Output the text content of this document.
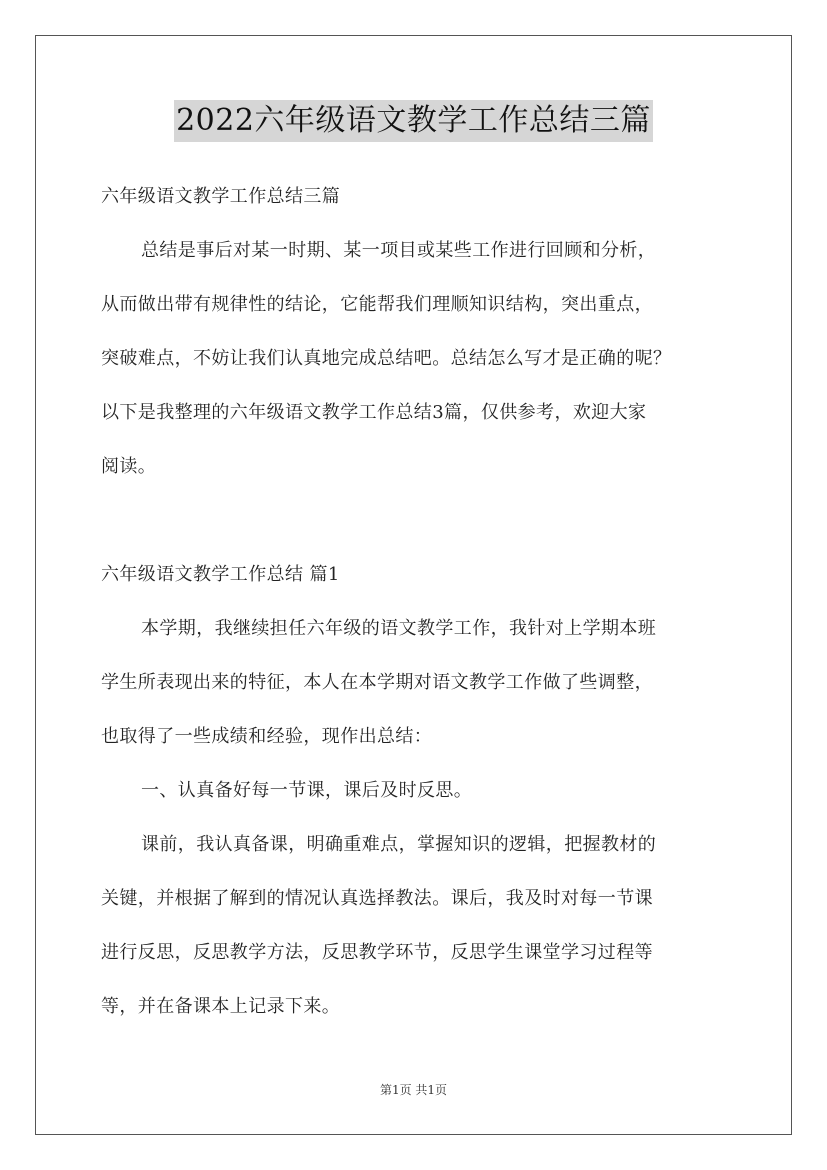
2022六年级语文教学工作总结三篇

六年级语文教学工作总结三篇

总结是事后对某一时期、某一项目或某些工作进行回顾和分析，

从而做出带有规律性的结论，它能帮我们理顺知识结构，突出重点，

突破难点，不妨让我们认真地完成总结吧。总结怎么写才是正确的呢？

以下是我整理的六年级语文教学工作总结3篇，仅供参考，欢迎大家

阅读。

六年级语文教学工作总结 篇1

本学期，我继续担任六年级的语文教学工作，我针对上学期本班

学生所表现出来的特征，本人在本学期对语文教学工作做了些调整，

也取得了一些成绩和经验，现作出总结：

一、认真备好每一节课，课后及时反思。

课前，我认真备课，明确重难点，掌握知识的逻辑，把握教材的

关键，并根据了解到的情况认真选择教法。课后，我及时对每一节课

进行反思，反思教学方法，反思教学环节，反思学生课堂学习过程等

等，并在备课本上记录下来。

第1页 共1页
